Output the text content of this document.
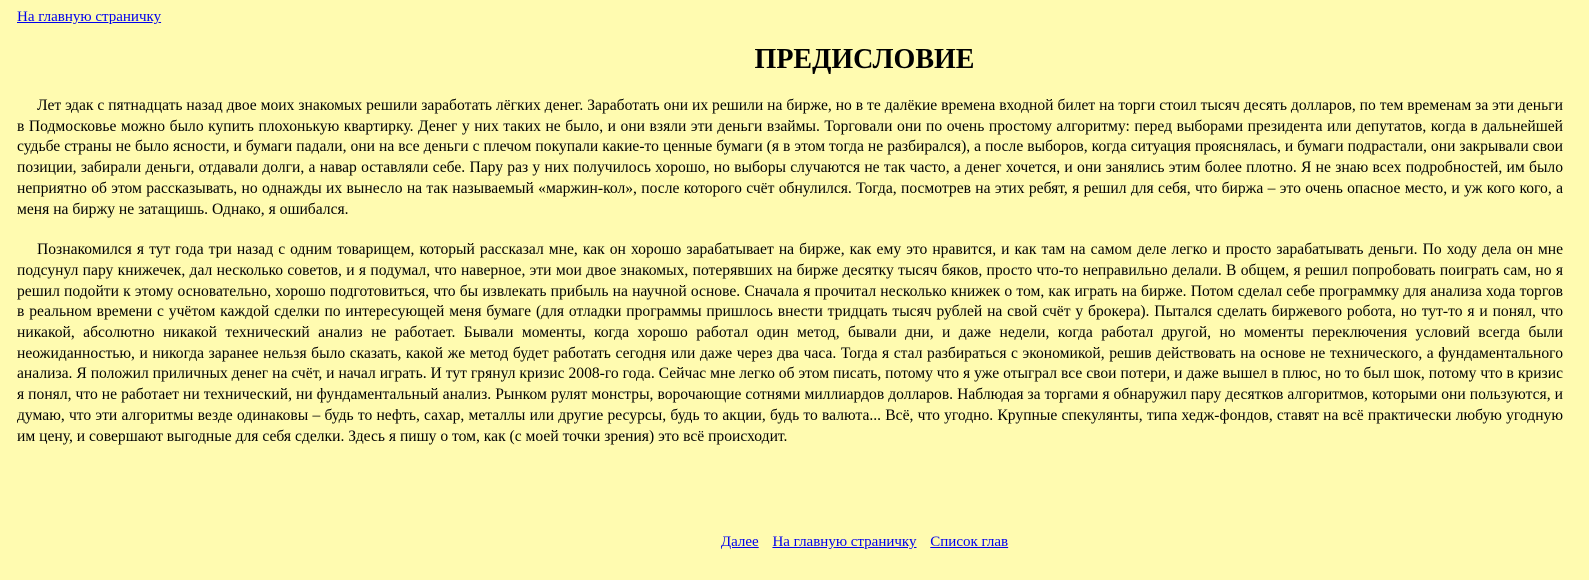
На главную страничку
ПРЕДИСЛОВИЕ

Лет эдак с пятнадцать назад двое моих знакомых решили заработать лёгких денег. Заработать они их решили на бирже, но в те далёкие времена входной билет на торги стоил тысяч десять долларов, по тем временам за эти деньги в Подмосковье можно было купить плохонькую квартирку. Денег у них таких не было, и они взяли эти деньги взаймы. Торговали они по очень простому алгоритму: перед выборами президента или депутатов, когда в дальнейшей судьбе страны не было ясности, и бумаги падали, они на все деньги с плечом покупали какие-то ценные бумаги (я в этом тогда не разбирался), а после выборов, когда ситуация прояснялась, и бумаги подрастали, они закрывали свои позиции, забирали деньги, отдавали долги, а навар оставляли себе. Пару раз у них получилось хорошо, но выборы случаются не так часто, а денег хочется, и они занялись этим более плотно. Я не знаю всех подробностей, им было неприятно об этом рассказывать, но однажды их вынесло на так называемый «маржин-кол», после которого счёт обнулился. Тогда, посмотрев на этих ребят, я решил для себя, что биржа – это очень опасное место, и уж кого кого, а меня на биржу не затащишь. Однако, я ошибался.

Познакомился я тут года три назад с одним товарищем, который рассказал мне, как он хорошо зарабатывает на бирже, как ему это нравится, и как там на самом деле легко и просто зарабатывать деньги. По ходу дела он мне подсунул пару книжечек, дал несколько советов, и я подумал, что наверное, эти мои двое знакомых, потерявших на бирже десятку тысяч бяков, просто что-то неправильно делали. В общем, я решил попробовать поиграть сам, но я решил подойти к этому основательно, хорошо подготовиться, что бы извлекать прибыль на научной основе. Сначала я прочитал несколько книжек о том, как играть на бирже. Потом сделал себе программку для анализа хода торгов в реальном времени с учётом каждой сделки по интересующей меня бумаге (для отладки программы пришлось внести тридцать тысяч рублей на свой счёт у брокера). Пытался сделать биржевого робота, но тут-то я и понял, что никакой, абсолютно никакой технический анализ не работает. Бывали моменты, когда хорошо работал один метод, бывали дни, и даже недели, когда работал другой, но моменты переключения условий всегда были неожиданностью, и никогда заранее нельзя было сказать, какой же метод будет работать сегодня или даже через два часа. Тогда я стал разбираться с экономикой, решив действовать на основе не технического, а фундаментального анализа. Я положил приличных денег на счёт, и начал играть. И тут грянул кризис 2008-го года. Сейчас мне легко об этом писать, потому что я уже отыграл все свои потери, и даже вышел в плюс, но то был шок, потому что в кризис я понял, что не работает ни технический, ни фундаментальный анализ. Рынком рулят монстры, ворочающие сотнями миллиардов долларов. Наблюдая за торгами я обнаружил пару десятков алгоритмов, которыми они пользуются, и думаю, что эти алгоритмы везде одинаковы – будь то нефть, сахар, металлы или другие ресурсы, будь то акции, будь то валюта... Всё, что угодно. Крупные спекулянты, типа хедж-фондов, ставят на всё практически любую угодную им цену, и совершают выгодные для себя сделки. Здесь я пишу о том, как (с моей точки зрения) это всё происходит.

Далее На главную страничку Список глав
